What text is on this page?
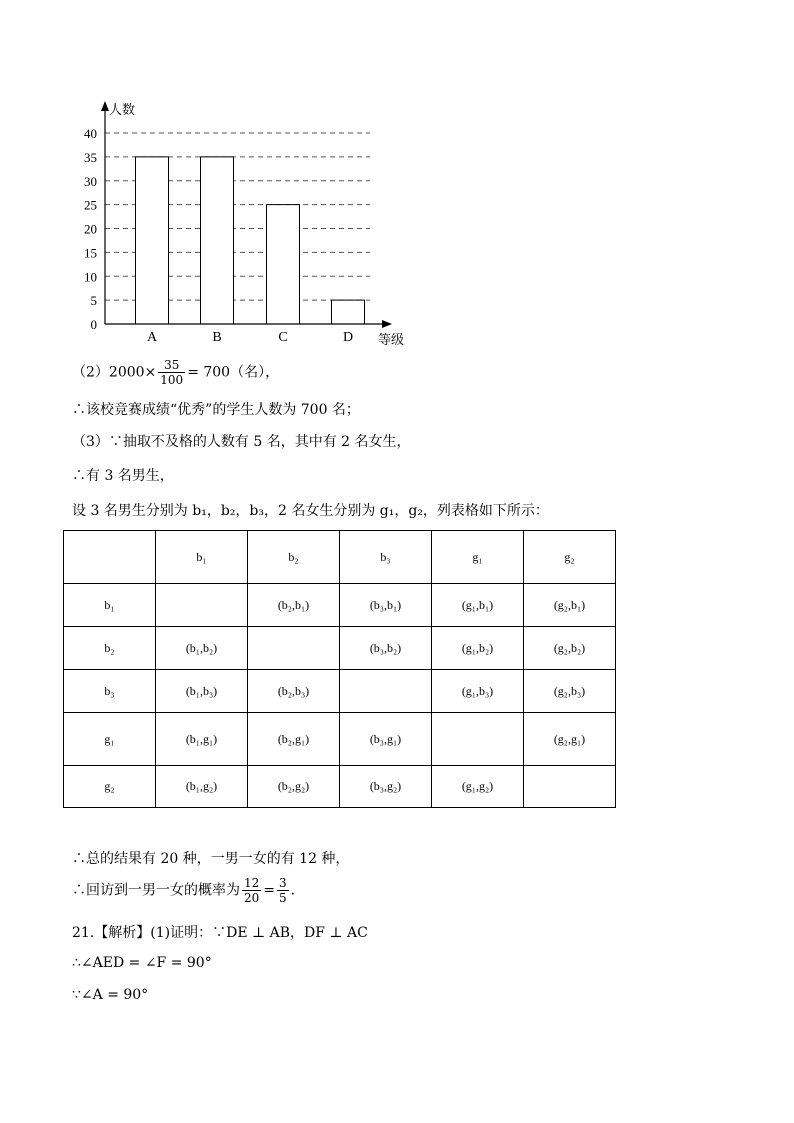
0
5
10
15
20
25
30
35
40
A	B	C	D
人数
等级
$(2)2000\times \frac{35}{100} = 700$（名），
∴该校竞赛成绩“优秀”的学生人数为 700 名；
（3）∵抽取不及格的人数有 5 名，其中有 2 名女生，
∴有 3 名男生，
设 3 名男生分别为 b₁，b₂，b₃，2 名女生分别为 g₁，g₂，列表格如下所示：
	b₁	b₂	b₃	g₁	g₂
b₁		(b₂,b₁)	(b₃,b₁)	(g₁,b₁)	(g₂,b₁)
b₂	(b₁,b₂)		(b₃,b₂)	(g₁,b₂)	(g₂,b₂)
b₃	(b₁,b₃)	(b₂,b₃)		(g₁,b₃)	(g₂,b₃)
g₁	(b₁,g₁)	(b₂,g₁)	(b₃,g₁)		(g₂,g₁)
g₂	(b₁,g₂)	(b₂,g₂)	(b₃,g₂)	(g₁,g₂)	
∴总的结果有 20 种，一男一女的有 12 种，
∴回访到一男一女的概率为 $\frac{12}{20} = \frac{3}{5}$ .
21.【解析】(1)证明：∵DE ⊥ AB，DF ⊥ AC
∴∠AED = ∠F = 90°
∵∠A = 90°
